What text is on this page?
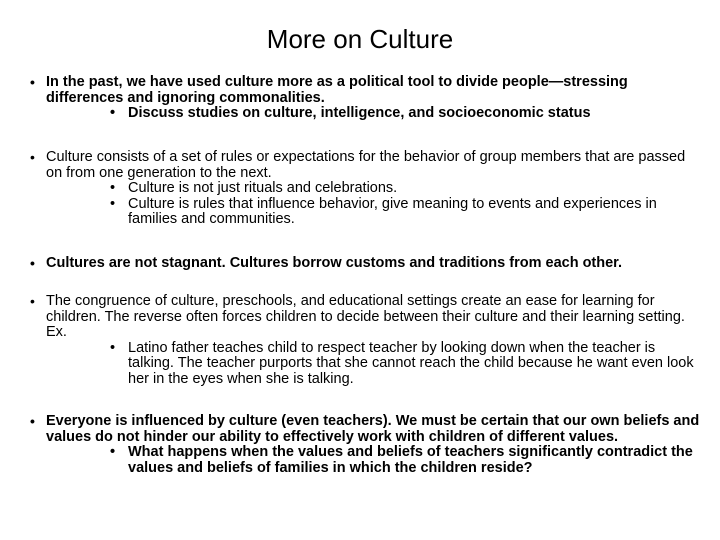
More on Culture
• In the past, we have used culture more as a political tool to divide people—stressing differences and ignoring commonalities.
• Discuss studies on culture, intelligence, and socioeconomic status
• Culture consists of a set of rules or expectations for the behavior of group members that are passed on from one generation to the next.
• Culture is not just rituals and celebrations.
• Culture is rules that influence behavior, give meaning to events and experiences in families and communities.
• Cultures are not stagnant. Cultures borrow customs and traditions from each other.
• The congruence of culture, preschools, and educational settings create an ease for learning for children. The reverse often forces children to decide between their culture and their learning setting. Ex.
• Latino father teaches child to respect teacher by looking down when the teacher is talking. The teacher purports that she cannot reach the child because he want even look her in the eyes when she is talking.
• Everyone is influenced by culture (even teachers). We must be certain that our own beliefs and values do not hinder our ability to effectively work with children of different values.
• What happens when the values and beliefs of teachers significantly contradict the values and beliefs of families in which the children reside?
